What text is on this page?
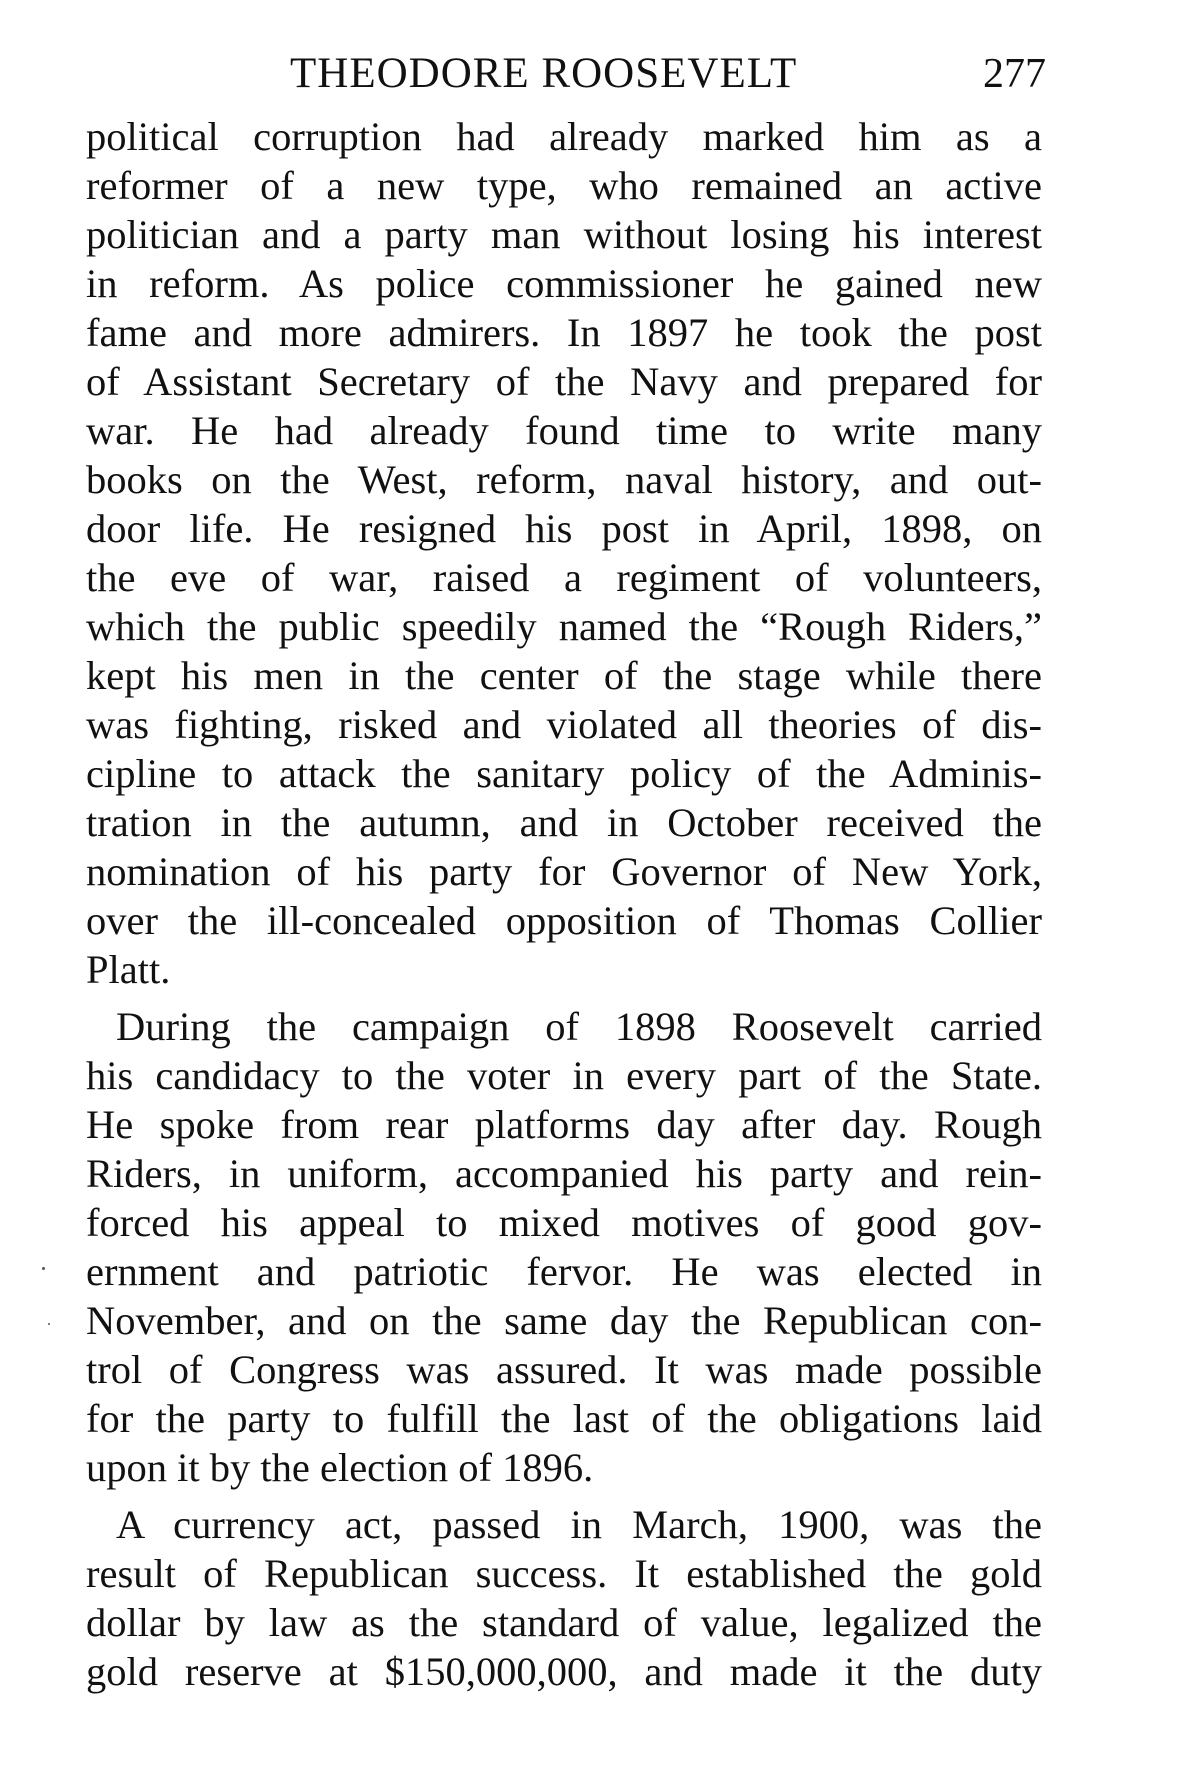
THEODORE ROOSEVELT	277
political corruption had already marked him as a
reformer of a new type, who remained an active
politician and a party man without losing his interest
in reform. As police commissioner he gained new
fame and more admirers. In 1897 he took the post
of Assistant Secretary of the Navy and prepared for
war. He had already found time to write many
books on the West, reform, naval history, and out-
door life. He resigned his post in April, 1898, on
the eve of war, raised a regiment of volunteers,
which the public speedily named the “Rough Riders,”
kept his men in the center of the stage while there
was fighting, risked and violated all theories of dis-
cipline to attack the sanitary policy of the Adminis-
tration in the autumn, and in October received the
nomination of his party for Governor of New York,
over the ill-concealed opposition of Thomas Collier
Platt.
During the campaign of 1898 Roosevelt carried
his candidacy to the voter in every part of the State.
He spoke from rear platforms day after day. Rough
Riders, in uniform, accompanied his party and rein-
forced his appeal to mixed motives of good gov-
ernment and patriotic fervor. He was elected in
November, and on the same day the Republican con-
trol of Congress was assured. It was made possible
for the party to fulfill the last of the obligations laid
upon it by the election of 1896.
A currency act, passed in March, 1900, was the
result of Republican success. It established the gold
dollar by law as the standard of value, legalized the
gold reserve at $150,000,000, and made it the duty
